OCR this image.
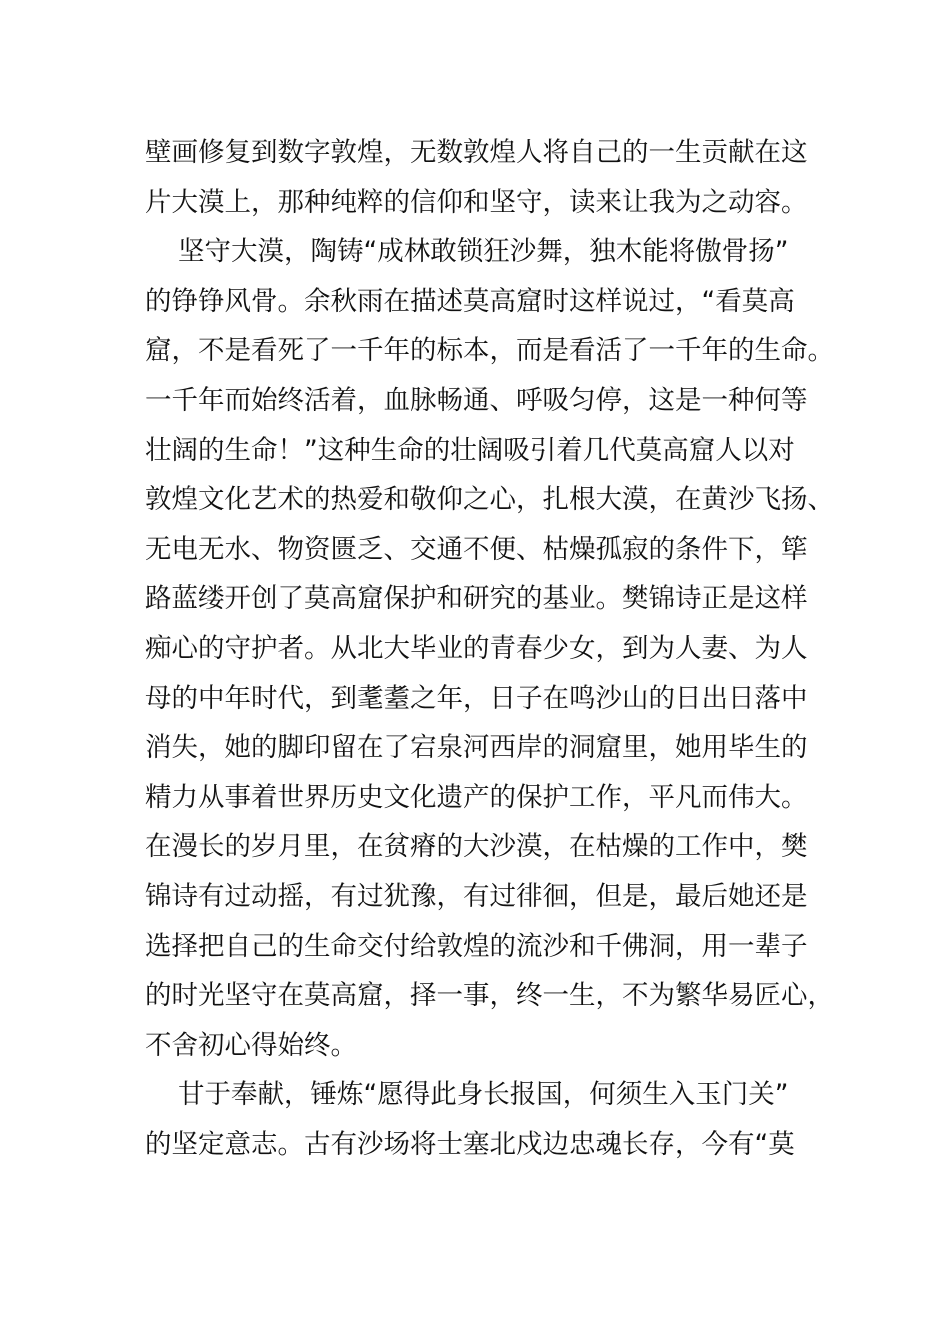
壁画修复到数字敦煌，无数敦煌人将自己的一生贡献在这
片大漠上，那种纯粹的信仰和坚守，读来让我为之动容。
坚守大漠，陶铸“成林敢锁狂沙舞，独木能将傲骨扬”
的铮铮风骨。余秋雨在描述莫高窟时这样说过，“看莫高
窟，不是看死了一千年的标本，而是看活了一千年的生命。
一千年而始终活着，血脉畅通、呼吸匀停，这是一种何等
壮阔的生命！”这种生命的壮阔吸引着几代莫高窟人以对
敦煌文化艺术的热爱和敬仰之心，扎根大漠，在黄沙飞扬、
无电无水、物资匮乏、交通不便、枯燥孤寂的条件下，筚
路蓝缕开创了莫高窟保护和研究的基业。樊锦诗正是这样
痴心的守护者。从北大毕业的青春少女，到为人妻、为人
母的中年时代，到耄耋之年，日子在鸣沙山的日出日落中
消失，她的脚印留在了宕泉河西岸的洞窟里，她用毕生的
精力从事着世界历史文化遗产的保护工作，平凡而伟大。
在漫长的岁月里，在贫瘠的大沙漠，在枯燥的工作中，樊
锦诗有过动摇，有过犹豫，有过徘徊，但是，最后她还是
选择把自己的生命交付给敦煌的流沙和千佛洞，用一辈子
的时光坚守在莫高窟，择一事，终一生，不为繁华易匠心，
不舍初心得始终。
甘于奉献，锤炼“愿得此身长报国，何须生入玉门关”
的坚定意志。古有沙场将士塞北戍边忠魂长存，今有“莫
